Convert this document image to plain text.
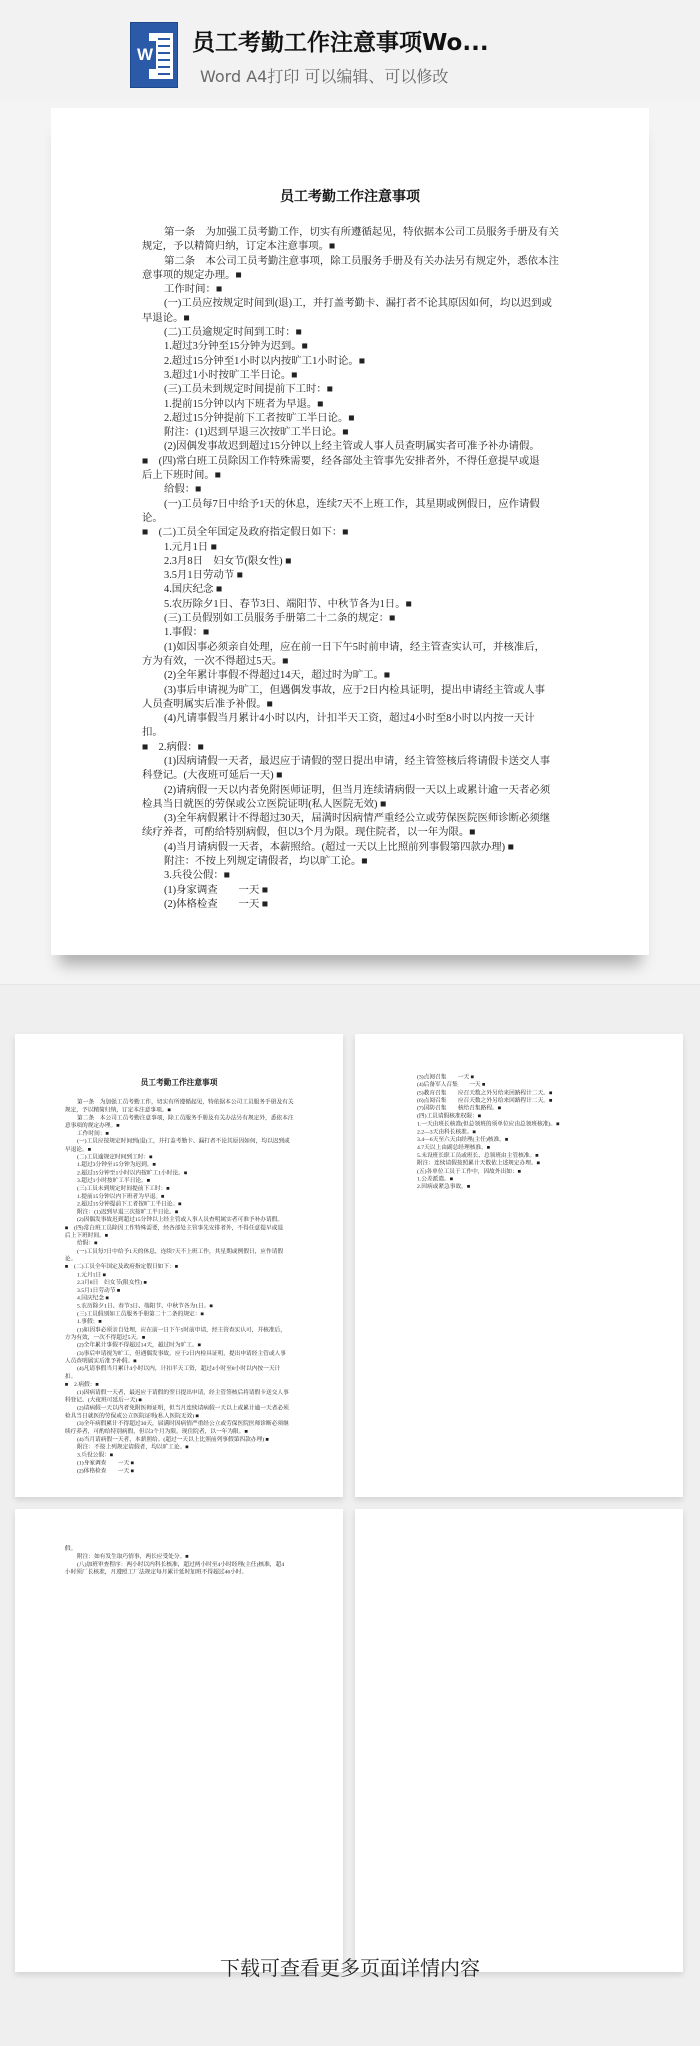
W 员工考勤工作注意事项Wo...
Word A4打印 可以编辑、可以修改
员工考勤工作注意事项
第一条　为加强工员考勤工作，切实有所遵循起见，特依据本公司工员服务手册及有关
规定，予以精简归纳，订定本注意事项。■
第二条　本公司工员考勤注意事项，除工员服务手册及有关办法另有规定外，悉依本注
意事项的规定办理。■
工作时间：■
(一)工员应按规定时间到(退)工，并打盖考勤卡、漏打者不论其原因如何，均以迟到或
早退论。■
(二)工员逾规定时间到工时：■
1.超过3分钟至15分钟为迟到。■
2.超过15分钟至1小时以内按旷工1小时论。■
3.超过1小时按旷工半日论。■
(三)工员未到规定时间提前下工时：■
1.提前15分钟以内下班者为早退。■
2.超过15分钟提前下工者按旷工半日论。■
附注：(1)迟到早退三次按旷工半日论。■
(2)因偶发事故迟到超过15分钟以上经主管或人事人员查明属实者可准予补办请假。
■　(四)常白班工员除因工作特殊需要，经各部处主管事先安排者外，不得任意提早或退
后上下班时间。■
给假：■
(一)工员每7日中给予1天的休息，连续7天不上班工作，其星期或例假日，应作请假
论。
■　(二)工员全年国定及政府指定假日如下：■
1.元月1日 ■
2.3月8日　妇女节(限女性) ■
3.5月1日劳动节 ■
4.国庆纪念 ■
5.农历除夕1日、春节3日、端阳节、中秋节各为1日。■
(三)工员假别如工员服务手册第二十二条的规定：■
1.事假：■
(1)如因事必须亲自处理，应在前一日下午5时前申请，经主管查实认可，并核准后，
方为有效，一次不得超过5天。■
(2)全年累计事假不得超过14天，超过时为旷工。■
(3)事后申请视为旷工，但遇偶发事故，应于2日内检具证明，提出申请经主管或人事
人员查明属实后准予补假。■
(4)凡请事假当月累计4小时以内，计扣半天工资，超过4小时至8小时以内按一天计
扣。
■　2.病假：■
(1)因病请假一天者，最迟应于请假的翌日提出申请，经主管签核后将请假卡送交人事
科登记。(大夜班可延后一天) ■
(2)请病假一天以内者免附医师证明，但当月连续请病假一天以上或累计逾一天者必须
检具当日就医的劳保或公立医院证明(私人医院无效) ■
(3)全年病假累计不得超过30天，届满时因病情严重经公立或劳保医院医师诊断必须继
续疗养者，可酌给特别病假，但以3个月为限。现住院者，以一年为限。■
(4)当月请病假一天者，本薪照给。(超过一天以上比照前列事假第四款办理) ■
附注：不按上列规定请假者，均以旷工论。■
3.兵役公假：■
(1)身家调查　　一天 ■
(2)体格检查　　一天 ■
员工考勤工作注意事项
第一条　为加强工员考勤工作，切实有所遵循起见，特依据本公司工员服务手册及有关
规定，予以精简归纳，订定本注意事项。■
第二条　本公司工员考勤注意事项，除工员服务手册及有关办法另有规定外，悉依本注
意事项的规定办理。■
工作时间：■
(一)工员应按规定时间到(退)工，并打盖考勤卡、漏打者不论其原因如何，均以迟到或
早退论。■
(二)工员逾规定时间到工时：■
1.超过3分钟至15分钟为迟到。■
2.超过15分钟至1小时以内按旷工1小时论。■
3.超过1小时按旷工半日论。■
(三)工员未到规定时间提前下工时：■
1.提前15分钟以内下班者为早退。■
2.超过15分钟提前下工者按旷工半日论。■
附注：(1)迟到早退三次按旷工半日论。■
(2)因偶发事故迟到超过15分钟以上经主管或人事人员查明属实者可准予补办请假。
■　(四)常白班工员除因工作特殊需要，经各部处主管事先安排者外，不得任意提早或退
后上下班时间。■
给假：■
(一)工员每7日中给予1天的休息，连续7天不上班工作，其星期或例假日，应作请假
论。
■　(二)工员全年国定及政府指定假日如下：■
1.元月1日 ■
2.3月8日　妇女节(限女性) ■
3.5月1日劳动节 ■
4.国庆纪念 ■
5.农历除夕1日、春节3日、端阳节、中秋节各为1日。■
(三)工员假别如工员服务手册第二十二条的规定：■
1.事假：■
(1)如因事必须亲自处理，应在前一日下午5时前申请，经主管查实认可，并核准后，
方为有效，一次不得超过5天。■
(2)全年累计事假不得超过14天，超过时为旷工。■
(3)事后申请视为旷工，但遇偶发事故，应于2日内检具证明，提出申请经主管或人事
人员查明属实后准予补假。■
(4)凡请事假当月累计4小时以内，计扣半天工资，超过4小时至8小时以内按一天计
扣。
■　2.病假：■
(1)因病请假一天者，最迟应于请假的翌日提出申请，经主管签核后将请假卡送交人事
科登记。(大夜班可延后一天) ■
(2)请病假一天以内者免附医师证明，但当月连续请病假一天以上或累计逾一天者必须
检具当日就医的劳保或公立医院证明(私人医院无效) ■
(3)全年病假累计不得超过30天，届满时因病情严重经公立或劳保医院医师诊断必须继
续疗养者，可酌给特别病假，但以3个月为限。现住院者，以一年为限。■
(4)当月请病假一天者，本薪照给。(超过一天以上比照前列事假第四款办理) ■
附注：不按上列规定请假者，均以旷工论。■
3.兵役公假：■
(1)身家调查　　一天 ■
(2)体格检查　　一天 ■
(3)点阅召集　　一天 ■
(4)后备军人召集　　一天 ■
(5)教育召集　　应召天数之外另给来回路程计二天。■
(6)点阅召集　　应召天数之外另给来回路程计二天。■
(7)国防召集　　核给召集路程。■
(四)工员请假核准权限：■
1.一天由班长核准(但总领班的须单位应由总领班核准)。■
2.2—3天由科长核准。■
3.4—6天至六天由经理(主任)核准。■
4.7天以上由副总经理核准。■
5.未设班长职工员或班长、总领班由主管核准。■
附注：连续请假按照累计天数依上述规定办理。■
(五)各单位工员于工作中，因故外出如：■
1.公差派遣。■
2.因病或紧急事故。■
假。
附注：如有发生取巧情事，两长应受处分。■
(八)加班审查程序：两小时以内科长核准，超过两小时至4小时经理(主任)核准，超4
小时须厂长核准，月遵照工厂法规定每月累计延时加班不得超过46小时。
下载可查看更多页面详情内容
